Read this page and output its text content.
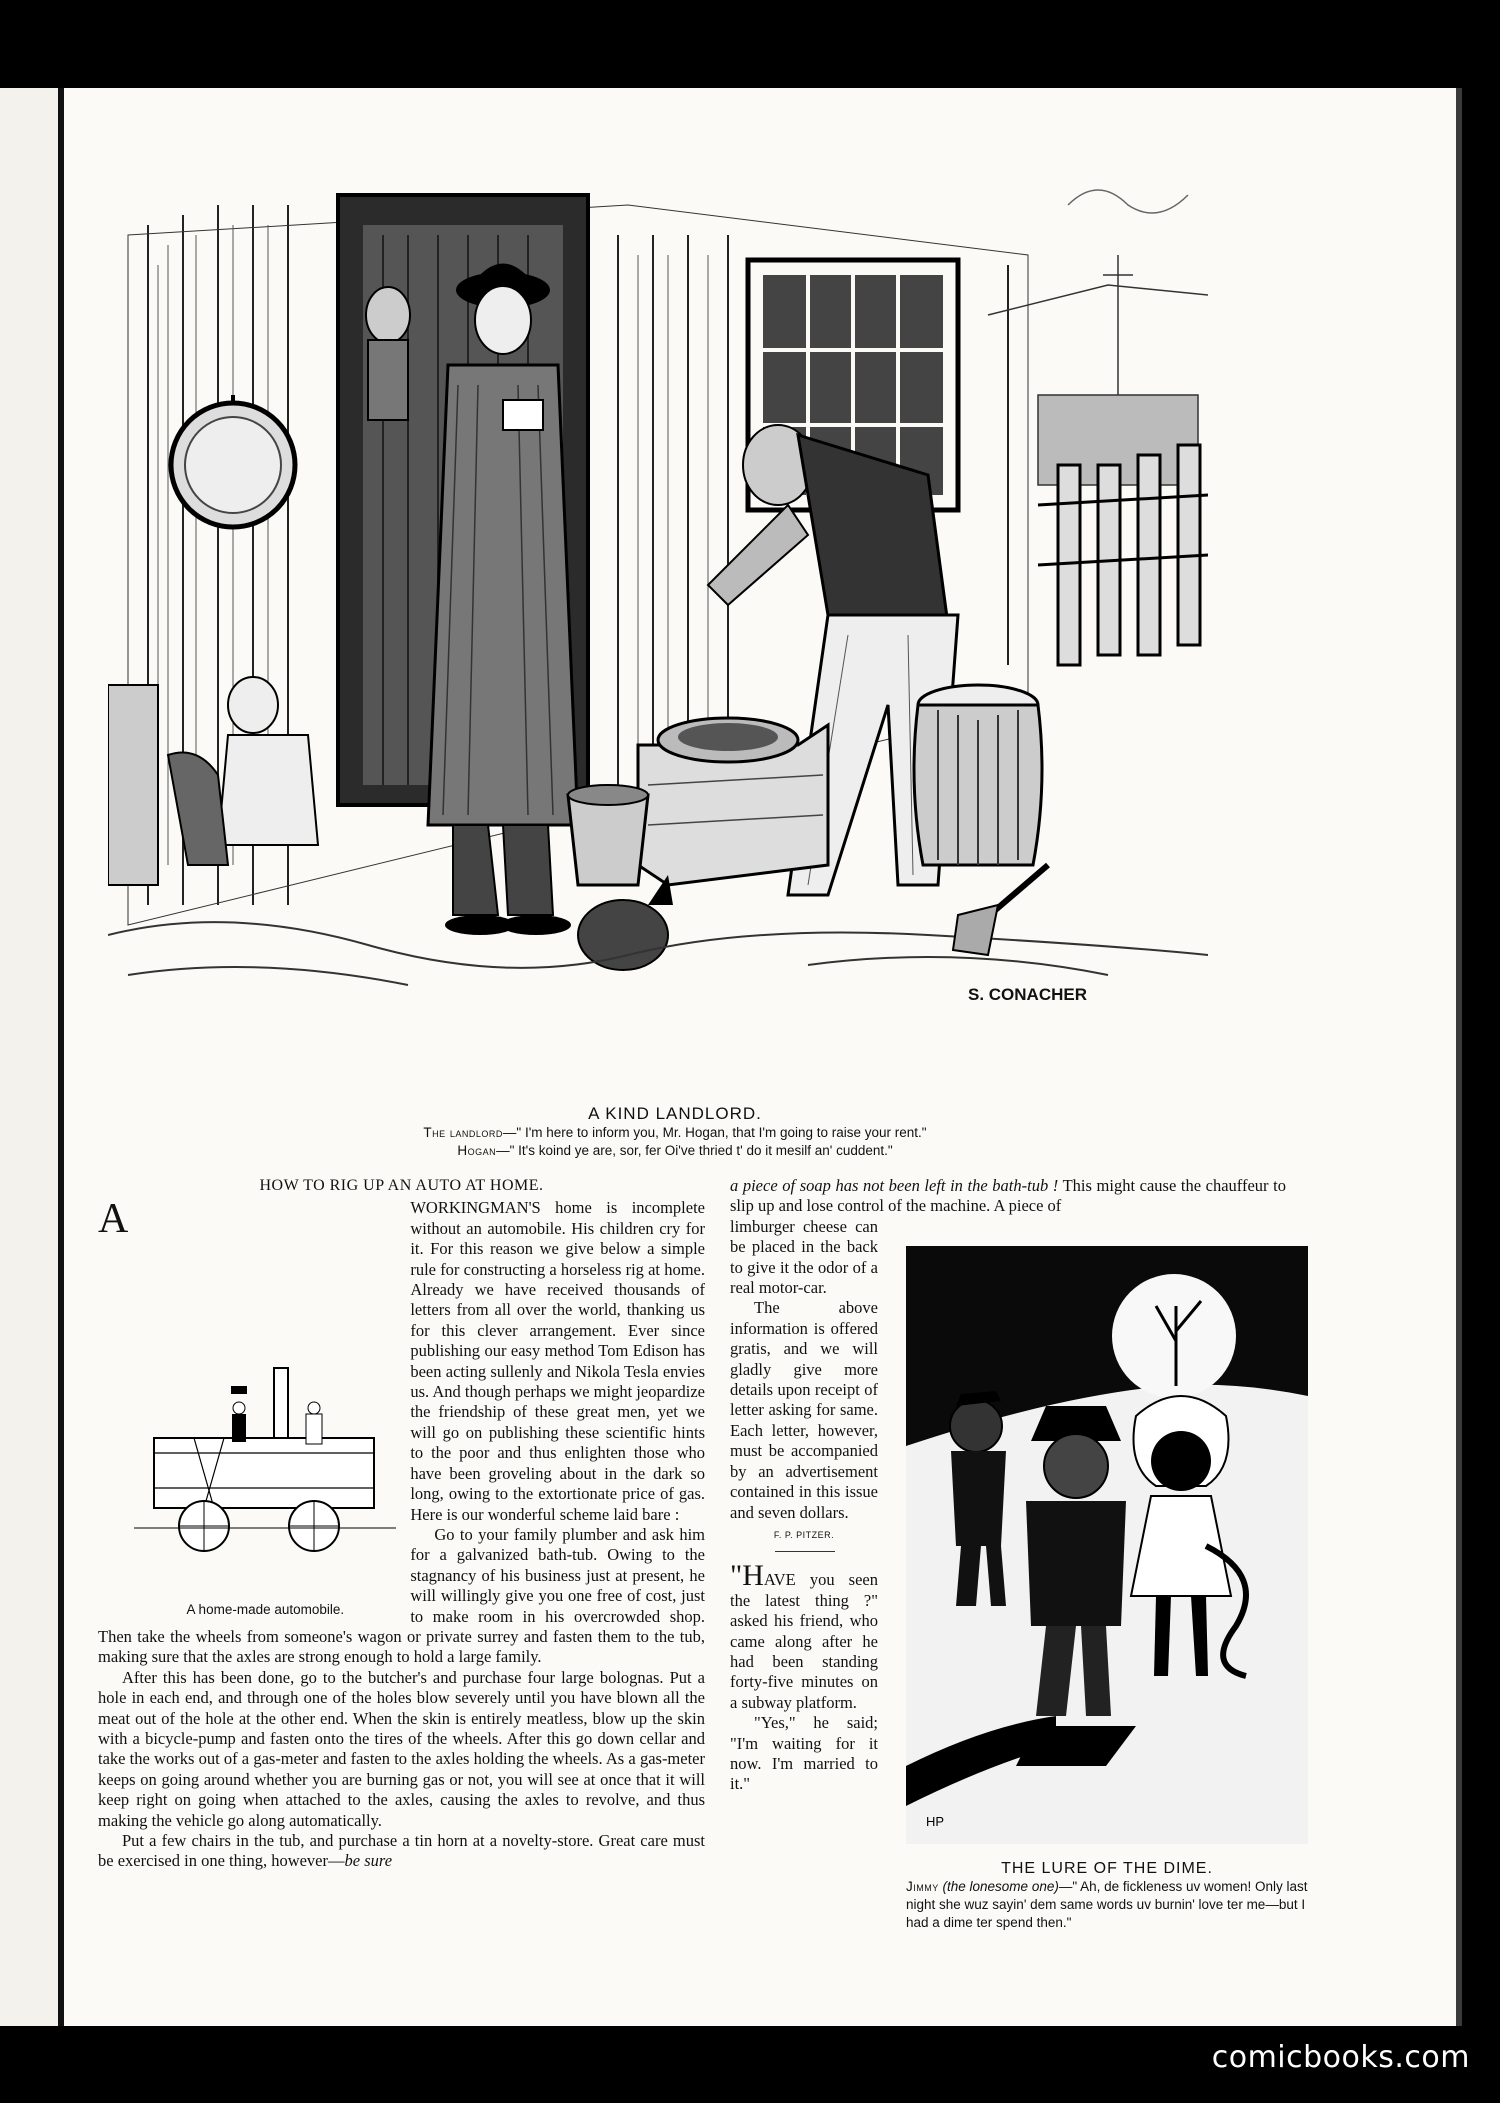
S. CONACHER
A KIND LANDLORD.
The landlord—" I'm here to inform you, Mr. Hogan, that I'm going to raise your rent."
Hogan—" It's koind ye are, sor, fer Oi've thried t' do it mesilf an' cuddent."
HOW TO RIG UP AN AUTO AT HOME.

A
A home-made automobile.
WORKINGMAN'S home is incomplete without an automobile. His children cry for it. For this reason we give below a simple rule for constructing a horseless rig at home. Already we have received thousands of letters from all over the world, thanking us for this clever arrangement. Ever since publishing our easy method Tom Edison has been acting sullenly and Nikola Tesla envies us. And though perhaps we might jeopardize the friendship of these great men, yet we will go on publishing these scientific hints to the poor and thus enlighten those who have been groveling about in the dark so long, owing to the extortionate price of gas. Here is our wonderful scheme laid bare :

Go to your family plumber and ask him for a galvanized bath-tub. Owing to the stagnancy of his business just at present, he will willingly give you one free of cost, just to make room in his overcrowded shop. Then take the wheels from someone's wagon or private surrey and fasten them to the tub, making sure that the axles are strong enough to hold a large family.

After this has been done, go to the butcher's and purchase four large bolognas. Put a hole in each end, and through one of the holes blow severely until you have blown all the meat out of the hole at the other end. When the skin is entirely meatless, blow up the skin with a bicycle-pump and fasten onto the tires of the wheels. After this go down cellar and take the works out of a gas-meter and fasten to the axles holding the wheels. As a gas-meter keeps on going around whether you are burning gas or not, you will see at once that it will keep right on going when attached to the axles, causing the axles to revolve, and thus making the vehicle go along automatically.

Put a few chairs in the tub, and purchase a tin horn at a novelty-store. Great care must be exercised in one thing, however—be sure

a piece of soap has not been left in the bath-tub ! This might cause the chauffeur to slip up and lose control of the machine. A piece of

limburger cheese can be placed in the back to give it the odor of a real motor-car.

The above information is offered gratis, and we will gladly give more details upon receipt of letter asking for same. Each letter, however, must be accompanied by an advertisement contained in this issue and seven dollars.

F. P. PITZER.

"HAVE you seen the latest thing ?" asked his friend, who came along after he had been standing forty-five minutes on a subway platform.

"Yes," he said; "I'm waiting for it now. I'm married to it."

HP
THE LURE OF THE DIME.
Jimmy (the lonesome one)—" Ah, de fickleness uv women! Only last night she wuz sayin' dem same words uv burnin' love ter me—but I had a dime ter spend then."
comicbooks.com
